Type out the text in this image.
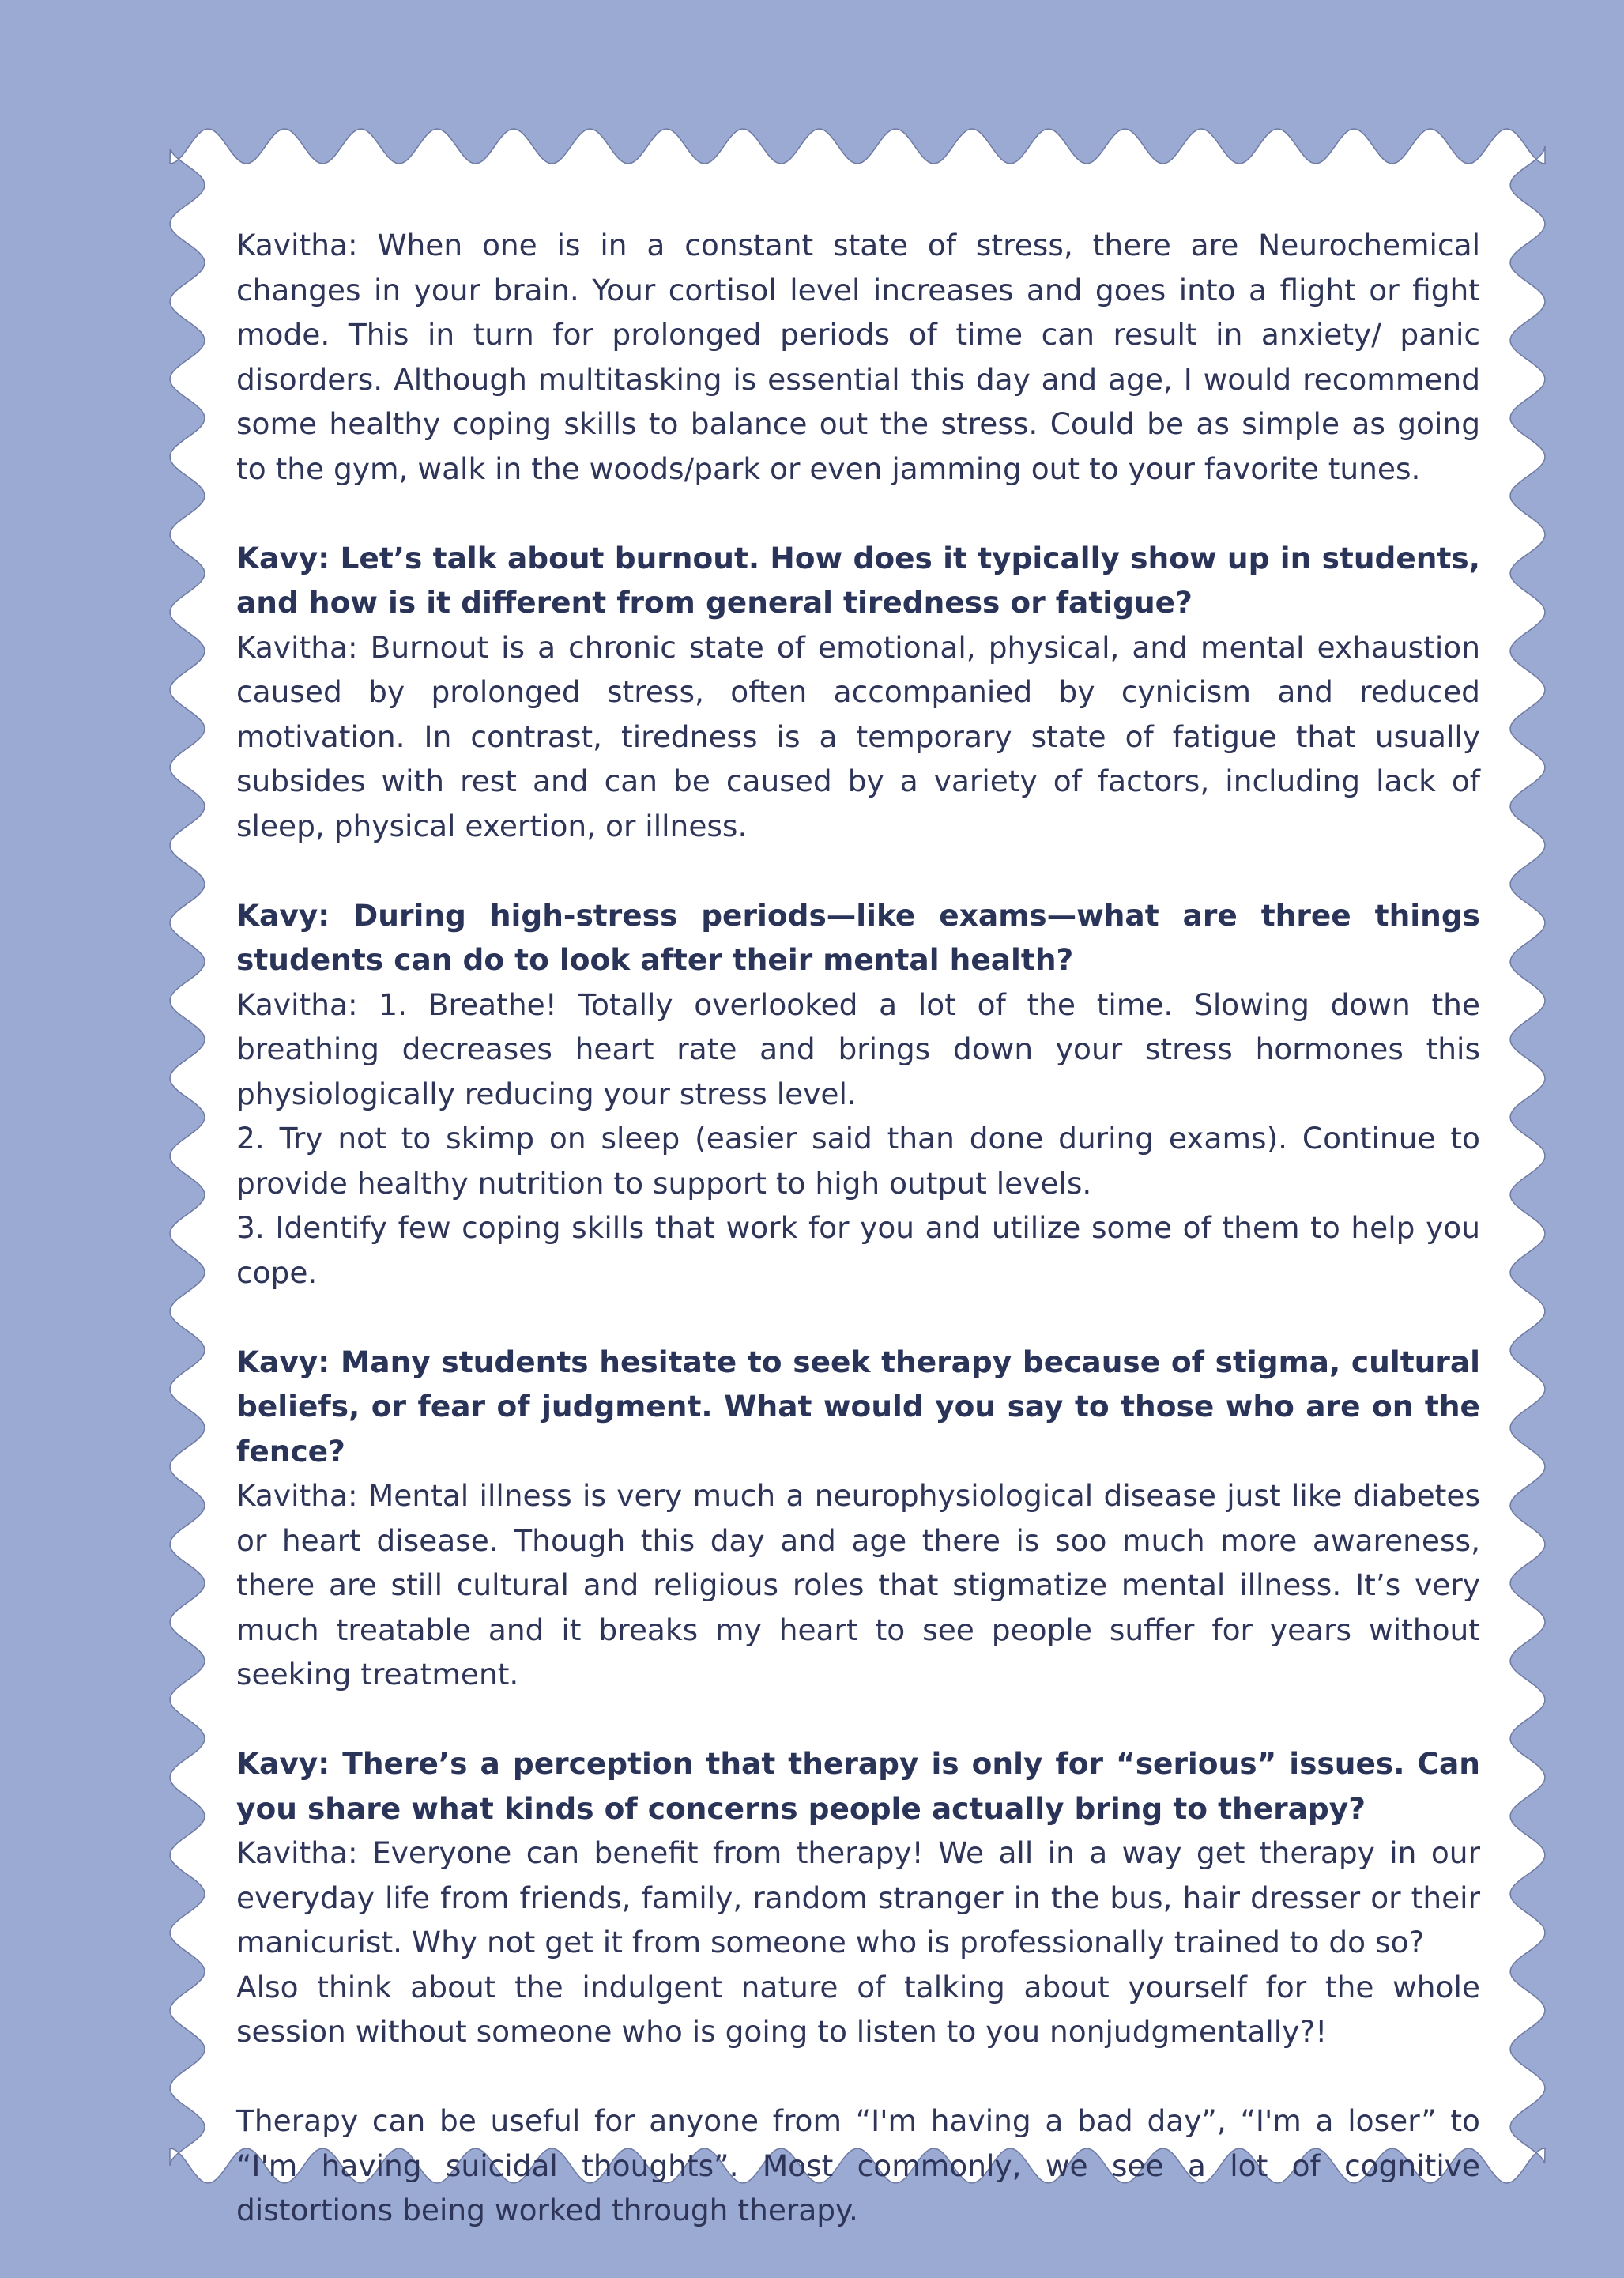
Kavitha: When one is in a constant state of stress, there are Neurochemical changes in your brain. Your cortisol level increases and goes into a flight or fight mode. This in turn for prolonged periods of time can result in anxiety/ panic disorders. Although multitasking is essential this day and age, I would recommend some healthy coping skills to balance out the stress. Could be as simple as going to the gym, walk in the woods/park or even jamming out to your favorite tunes.

Kavy: Let’s talk about burnout. How does it typically show up in students, and how is it different from general tiredness or fatigue?

Kavitha: Burnout is a chronic state of emotional, physical, and mental exhaustion caused by prolonged stress, often accompanied by cynicism and reduced motivation. In contrast, tiredness is a temporary state of fatigue that usually subsides with rest and can be caused by a variety of factors, including lack of sleep, physical exertion, or illness.

Kavy: During high-stress periods—like exams—what are three things students can do to look after their mental health?

Kavitha: 1. Breathe! Totally overlooked a lot of the time. Slowing down the breathing decreases heart rate and brings down your stress hormones this physiologically reducing your stress level.

2. Try not to skimp on sleep (easier said than done during exams). Continue to provide healthy nutrition to support to high output levels.

3. Identify few coping skills that work for you and utilize some of them to help you cope.

Kavy: Many students hesitate to seek therapy because of stigma, cultural beliefs, or fear of judgment. What would you say to those who are on the fence?

Kavitha: Mental illness is very much a neurophysiological disease just like diabetes or heart disease. Though this day and age there is soo much more awareness, there are still cultural and religious roles that stigmatize mental illness. It’s very much treatable and it breaks my heart to see people suffer for years without seeking treatment.

Kavy: There’s a perception that therapy is only for “serious” issues. Can you share what kinds of concerns people actually bring to therapy?

Kavitha: Everyone can benefit from therapy! We all in a way get therapy in our everyday life from friends, family, random stranger in the bus, hair dresser or their manicurist. Why not get it from someone who is professionally trained to do so?

Also think about the indulgent nature of talking about yourself for the whole session without someone who is going to listen to you nonjudgmentally?!

Therapy can be useful for anyone from “I'm having a bad day”, “I'm a loser” to “I'm having suicidal thoughts”. Most commonly, we see a lot of cognitive distortions being worked through therapy.
